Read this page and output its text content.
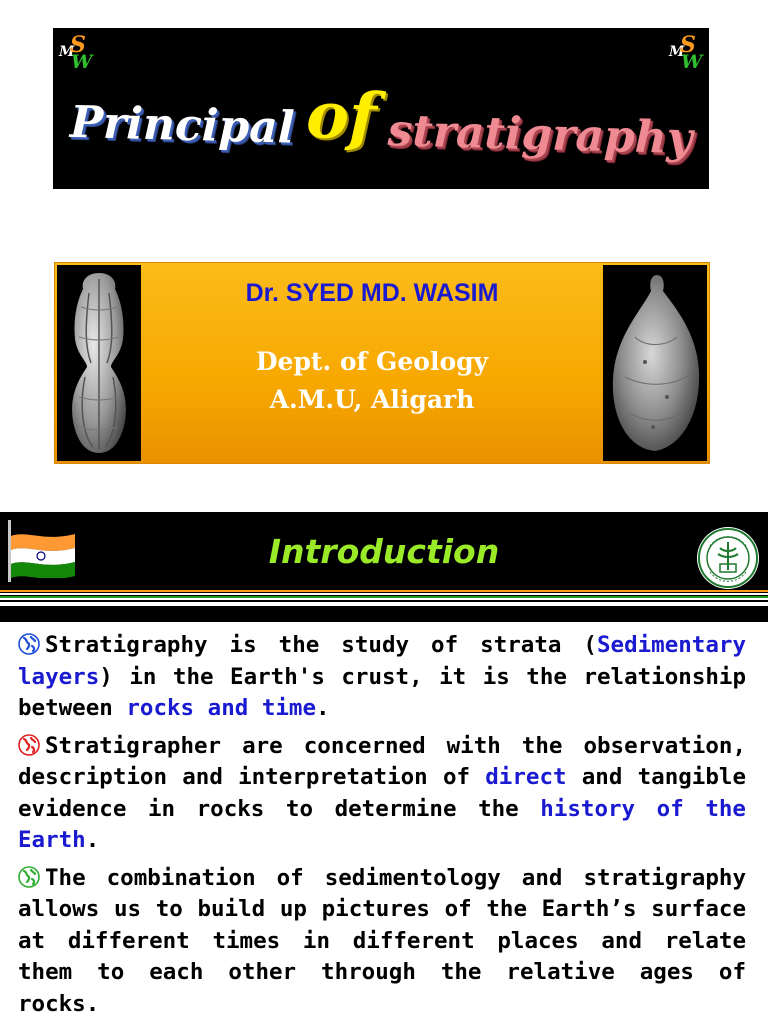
M
S
W	M
S
W
Principal of stratigraphy
Dr. SYED MD. WASIM
Dept. of Geology
A.M.U, Aligarh
Introduction

Stratigraphy is the study of strata (Sedimentary layers) in the Earth's crust, it is the relationship between rocks and time.

Stratigrapher are concerned with the observation, description and interpretation of direct and tangible evidence in rocks to determine the history of the Earth.

The combination of sedimentology and stratigraphy allows us to build up pictures of the Earth’s surface at different times in different places and relate them to each other through the relative ages of rocks.
